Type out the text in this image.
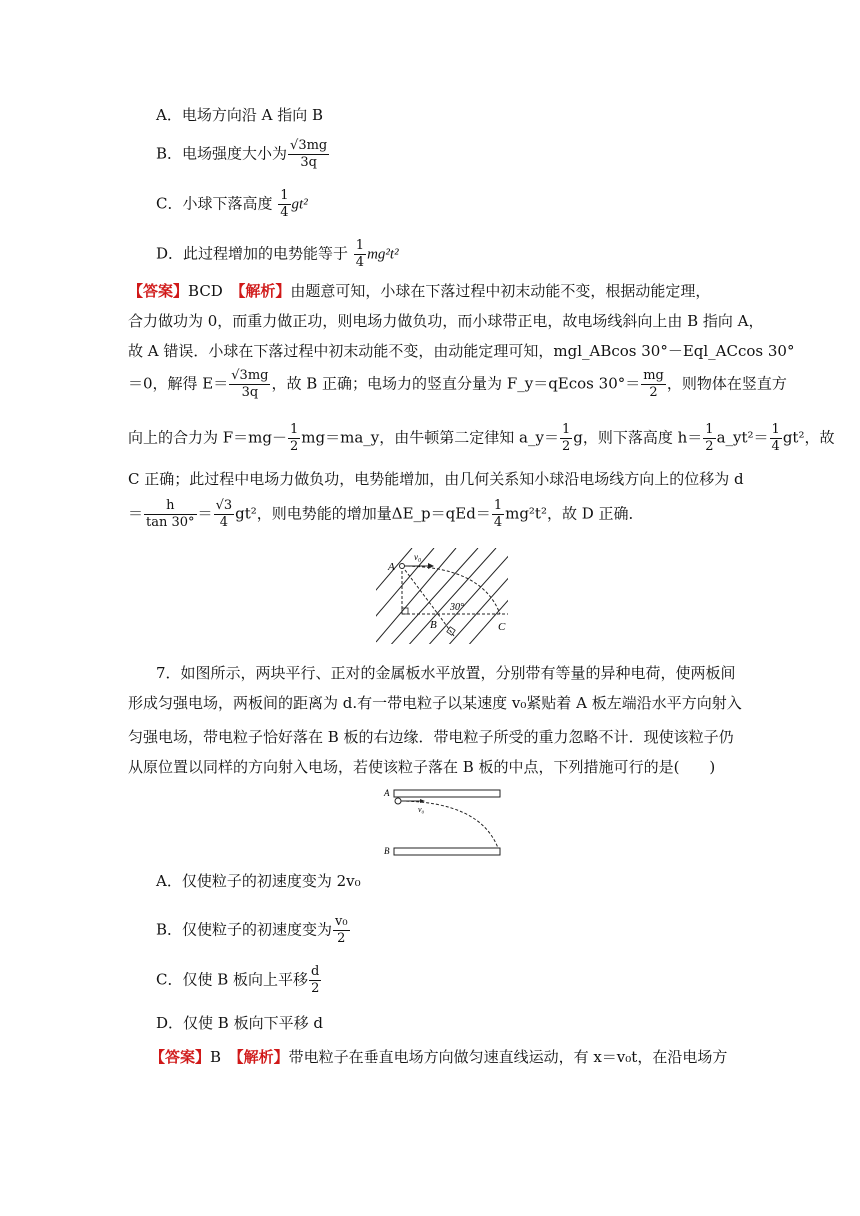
A．电场方向沿 A 指向 B
B．电场强度大小为 $\frac{√3mg}{3q}$
C．小球下落高度 $\frac{1}{4} gt^2$
D．此过程增加的电势能等于 $\frac{1}{4} mg^2t^2$
【答案】BCD　 【解析】由题意可知，小球在下落过程中初末动能不变，根据动能定理，
合力做功为 0，而重力做正功，则电场力做负功，而小球带正电，故电场线斜向上由 B 指向 A，
故 A 错误．小球在下落过程中初末动能不变，由动能定理可知，mgl_ABcos 30°－Eql_ACcos 30°
＝0，解得 $E= \frac{√3mg}{3q}$ ，故 B 正确；电场力的竖直分量为 F_y＝qEcos $30^\circ= \frac{mg}{2}$ ，则物体在竖直方
向上的合力为 $F=mg- \frac{1}{2}$ mg＝ma_y，由牛顿第二定律知 a_y＝ $\frac{1}{2}$ g，则下落高度 $h= \frac{1}{2}$ a_yt²＝ $\frac{1}{4} gt^2$，故
C 正确；此过程中电场力做负功，电势能增加，由几何关系知小球沿电场线方向上的位移为 d
＝ $\frac{h}{\tan 30^\circ} = \frac{√3}{4} gt^2$，则电势能的增加量ΔE_p＝qEd＝ $\frac{1}{4} mg^2t^2$，故 D 正确．
A
B	C
v₀
30°
7．如图所示，两块平行、正对的金属板水平放置，分别带有等量的异种电荷，使两板间
形成匀强电场，两板间的距离为 d.有一带电粒子以某速度 v₀紧贴着 A 板左端沿水平方向射入
匀强电场，带电粒子恰好落在 B 板的右边缘．带电粒子所受的重力忽略不计．现使该粒子仍
从原位置以同样的方向射入电场，若使该粒子落在 B 板的中点，下列措施可行的是(　　)
A
B
v₀
A．仅使粒子的初速度变为 2v₀
B．仅使粒子的初速度变为 $\frac{\text{v₀}}{2}$
C．仅使 B 板向上平移 $\frac{d}{2}$
D．仅使 B 板向下平移 d
【答案】B　 【解析】带电粒子在垂直电场方向做匀速直线运动，有 x＝v₀t，在沿电场方
